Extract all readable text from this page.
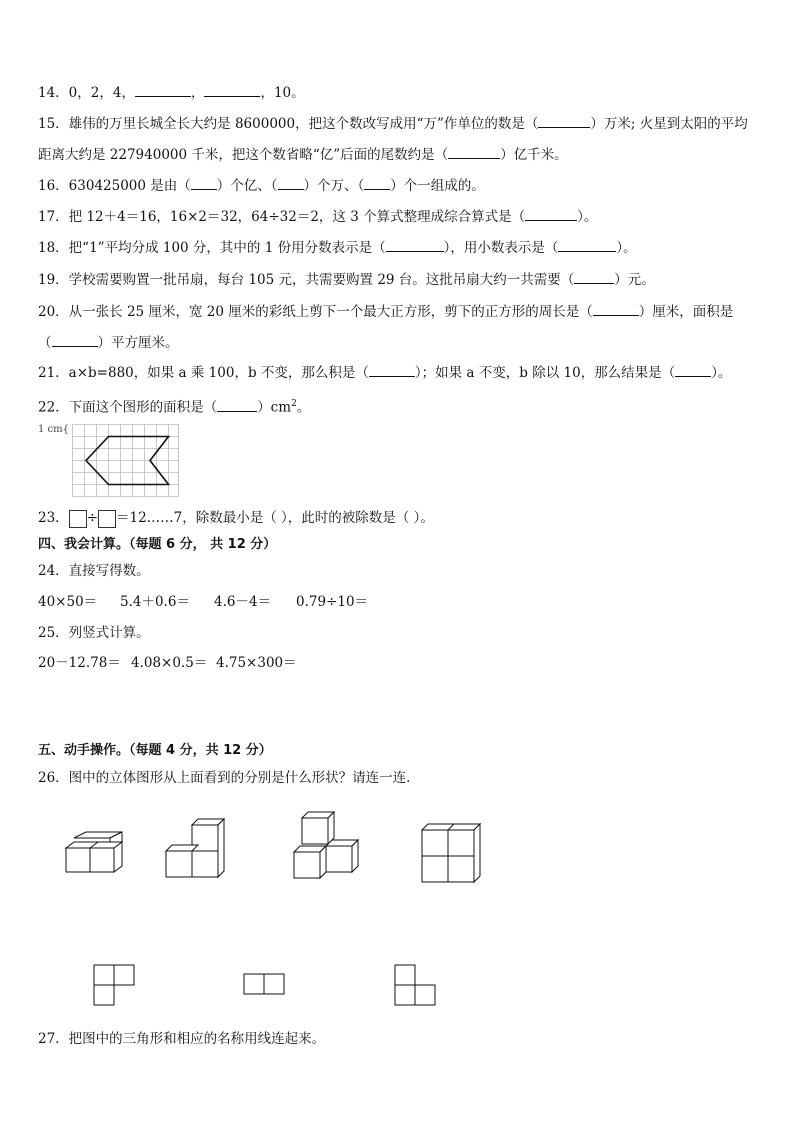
14．0，2，4，	，	，10。
15．雄伟的万里长城全长大约是 8600000，把这个数改写成用“万”作单位的数是（	）万米; 火星到太阳的平均
距离大约是 227940000 千米，把这个数省略“亿”后面的尾数约是（	）亿千米。
16．630425000 是由（ ）个亿、（ ）个万、（ ）个一组成的。
17．把 12＋4＝16，16×2＝32，64÷32＝2，这 3 个算式整理成综合算式是（	）。
18．把“1”平均分成 100 分，其中的 1 份用分数表示是（	），用小数表示是（	）。
19．学校需要购置一批吊扇，每台 105 元，共需要购置 29 台。这批吊扇大约一共需要（	）元。
20．从一张长 25 厘米，宽 20 厘米的彩纸上剪下一个最大正方形，剪下的正方形的周长是（	）厘米，面积是
（	）平方厘米。
21．a×b=880，如果 a 乘 100，b 不变，那么积是（	）；如果 a 不变，b 除以 10，那么结果是（	）。
22．下面这个图形的面积是（	）$cm^2$。
1 cm{
23． ÷ ＝12……7，除数最小是（ ），此时的被除数是（ ）。
四、我会计算。（每题 6 分， 共 12 分）
24．直接写得数。
40×50＝ 5.4＋0.6＝ 4.6－4＝ 0.79÷10＝
25．列竖式计算。
20－12.78＝ 4.08×0.5＝ 4.75×300＝
五、动手操作。（每题 4 分，共 12 分）
26．图中的立体图形从上面看到的分别是什么形状？请连一连．
27．把图中的三角形和相应的名称用线连起来。
